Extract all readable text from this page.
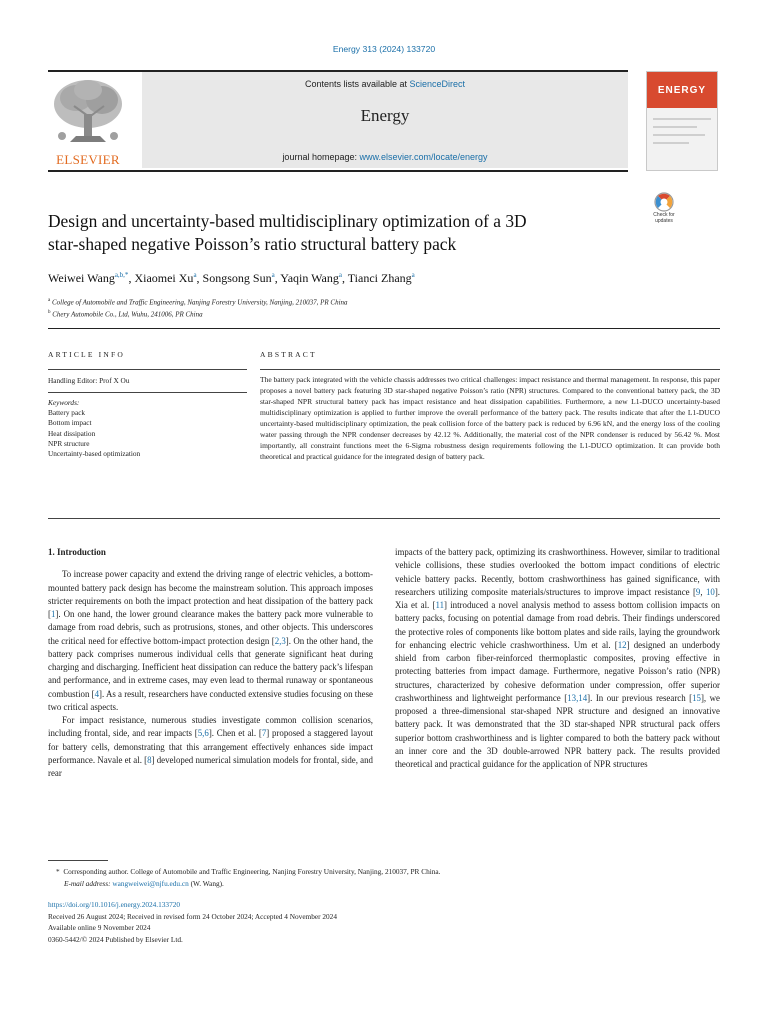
Energy 313 (2024) 133720
ELSEVIER
Contents lists available at ScienceDirect
Energy
journal homepage: www.elsevier.com/locate/energy
ENERGY
Check for
updates
Design and uncertainty-based multidisciplinary optimization of a 3D
star-shaped negative Poisson’s ratio structural battery pack
Weiwei Wang$^{a,b,*}$, Xiaomei Xu$^a$, Songsong Sun$^a$, Yaqin Wang$^a$, Tianci Zhang$^a$
$^a$ College of Automobile and Traffic Engineering, Nanjing Forestry University, Nanjing, 210037, PR China
$^b$ Chery Automobile Co., Ltd, Wuhu, 241006, PR China
ARTICLE INFO
Handling Editor: Prof X Ou
Keywords:
Battery pack
Bottom impact
Heat dissipation
NPR structure
Uncertainty-based optimization
ABSTRACT
The battery pack integrated with the vehicle chassis addresses two critical challenges: impact resistance and thermal management. In response, this paper proposes a novel battery pack featuring 3D star-shaped negative Poisson’s ratio (NPR) structures. Compared to the conventional battery pack, the 3D star-shaped NPR structural battery pack has impact resistance and heat dissipation capabilities. Furthermore, a new L1-DUCO uncertainty-based multidisciplinary optimization is applied to further improve the overall performance of the battery pack. The results indicate that after the L1-DUCO uncertainty-based multidisciplinary optimization, the peak collision force of the battery pack is reduced by 6.96 kN, and the energy loss of the cooling water passing through the NPR condenser decreases by 42.12 %. Additionally, the material cost of the NPR condenser is reduced by 56.42 %. Most importantly, all constraint functions meet the 6-Sigma robustness design requirements following the L1-DUCO optimization. It can provide both theoretical and practical guidance for the integrated design of battery pack.
1. Introduction

To increase power capacity and extend the driving range of electric vehicles, a bottom-mounted battery pack design has become the mainstream solution. This approach imposes stricter requirements on both the impact protection and heat dissipation of the battery pack [1]. On one hand, the lower ground clearance makes the battery pack more vulnerable to damage from road debris, such as protrusions, stones, and other objects. This underscores the critical need for effective bottom-impact protection design [2,3]. On the other hand, the battery pack comprises numerous individual cells that generate significant heat during charging and discharging. Inefficient heat dissipation can reduce the battery pack’s lifespan and performance, and in extreme cases, may even lead to thermal runaway or spontaneous combustion [4]. As a result, researchers have conducted extensive studies focusing on these two critical aspects.

For impact resistance, numerous studies investigate common collision scenarios, including frontal, side, and rear impacts [5,6]. Chen et al. [7] proposed a staggered layout for battery cells, demonstrating that this arrangement effectively enhances side impact performance. Navale et al. [8] developed numerical simulation models for frontal, side, and rear

impacts of the battery pack, optimizing its crashworthiness. However, similar to traditional vehicle collisions, these studies overlooked the bottom impact conditions of electric vehicle battery packs. Recently, bottom crashworthiness has gained significance, with researchers utilizing composite materials/structures to improve impact resistance [9, 10]. Xia et al. [11] introduced a novel analysis method to assess bottom collision impacts on battery packs, focusing on potential damage from road debris. Their findings underscored the protective roles of components like bottom plates and side rails, laying the groundwork for enhancing electric vehicle crashworthiness. Um et al. [12] designed an underbody shield from carbon fiber-reinforced thermoplastic composites, proving effective in protecting batteries from impact damage. Furthermore, negative Poisson’s ratio (NPR) structures, characterized by cohesive deformation under compression, offer superior crashworthiness and lightweight performance [13,14]. In our previous research [15], we proposed a three-dimensional star-shaped NPR structure and designed an innovative battery pack. It was demonstrated that the 3D star-shaped NPR structural pack offers superior bottom crashworthiness and is lighter compared to both the battery pack without an inner core and the 3D double-arrowed NPR battery pack. The results provided theoretical and practical guidance for the application of NPR structures

* Corresponding author. College of Automobile and Traffic Engineering, Nanjing Forestry University, Nanjing, 210037, PR China.
E-mail address: wangweiwei@njfu.edu.cn (W. Wang).
https://doi.org/10.1016/j.energy.2024.133720
Received 26 August 2024; Received in revised form 24 October 2024; Accepted 4 November 2024
Available online 9 November 2024
0360-5442/© 2024 Published by Elsevier Ltd.
